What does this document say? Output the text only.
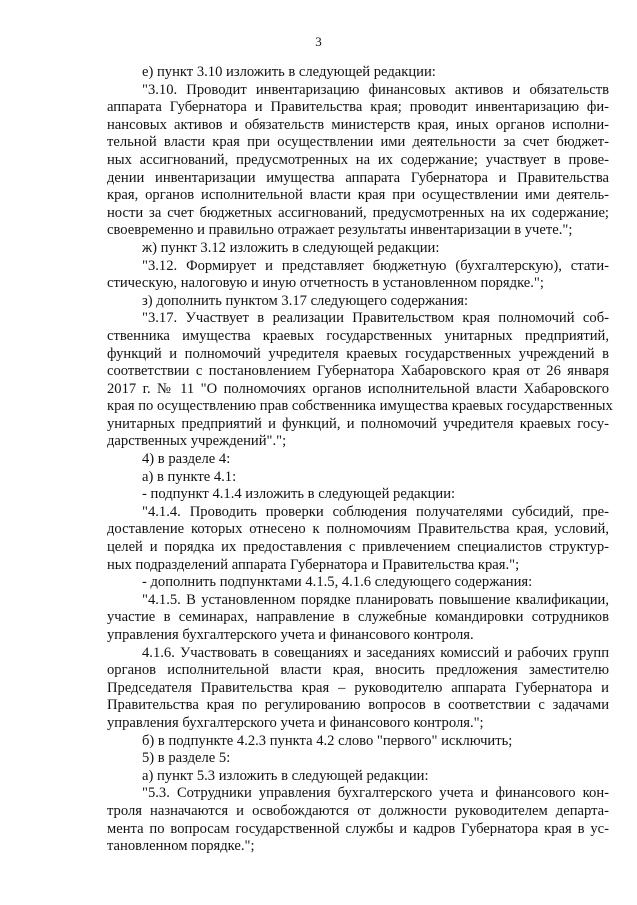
3
е) пункт 3.10 изложить в следующей редакции:
"3.10. Проводит инвентаризацию финансовых активов и обязательств
аппарата Губернатора и Правительства края; проводит инвентаризацию фи-
нансовых активов и обязательств министерств края, иных органов исполни-
тельной власти края при осуществлении ими деятельности за счет бюджет-
ных ассигнований, предусмотренных на их содержание; участвует в прове-
дении инвентаризации имущества аппарата Губернатора и Правительства
края, органов исполнительной власти края при осуществлении ими деятель-
ности за счет бюджетных ассигнований, предусмотренных на их содержание;
своевременно и правильно отражает результаты инвентаризации в учете.";
ж) пункт 3.12 изложить в следующей редакции:
"3.12. Формирует и представляет бюджетную (бухгалтерскую), стати-
стическую, налоговую и иную отчетность в установленном порядке.";
з) дополнить пунктом 3.17 следующего содержания:
"3.17. Участвует в реализации Правительством края полномочий соб-
ственника имущества краевых государственных унитарных предприятий,
функций и полномочий учредителя краевых государственных учреждений в
соответствии с постановлением Губернатора Хабаровского края от 26 января
2017 г. № 11 "О полномочиях органов исполнительной власти Хабаровского
края по осуществлению прав собственника имущества краевых государственных
унитарных предприятий и функций, и полномочий учредителя краевых госу-
дарственных учреждений".";
4) в разделе 4:
а) в пункте 4.1:
- подпункт 4.1.4 изложить в следующей редакции:
"4.1.4. Проводить проверки соблюдения получателями субсидий, пре-
доставление которых отнесено к полномочиям Правительства края, условий,
целей и порядка их предоставления с привлечением специалистов структур-
ных подразделений аппарата Губернатора и Правительства края.";
- дополнить подпунктами 4.1.5, 4.1.6 следующего содержания:
"4.1.5. В установленном порядке планировать повышение квалификации,
участие в семинарах, направление в служебные командировки сотрудников
управления бухгалтерского учета и финансового контроля.
4.1.6. Участвовать в совещаниях и заседаниях комиссий и рабочих групп
органов исполнительной власти края, вносить предложения заместителю
Председателя Правительства края – руководителю аппарата Губернатора и
Правительства края по регулированию вопросов в соответствии с задачами
управления бухгалтерского учета и финансового контроля.";
б) в подпункте 4.2.3 пункта 4.2 слово "первого" исключить;
5) в разделе 5:
а) пункт 5.3 изложить в следующей редакции:
"5.3. Сотрудники управления бухгалтерского учета и финансового кон-
троля назначаются и освобождаются от должности руководителем департа-
мента по вопросам государственной службы и кадров Губернатора края в ус-
тановленном порядке.";
